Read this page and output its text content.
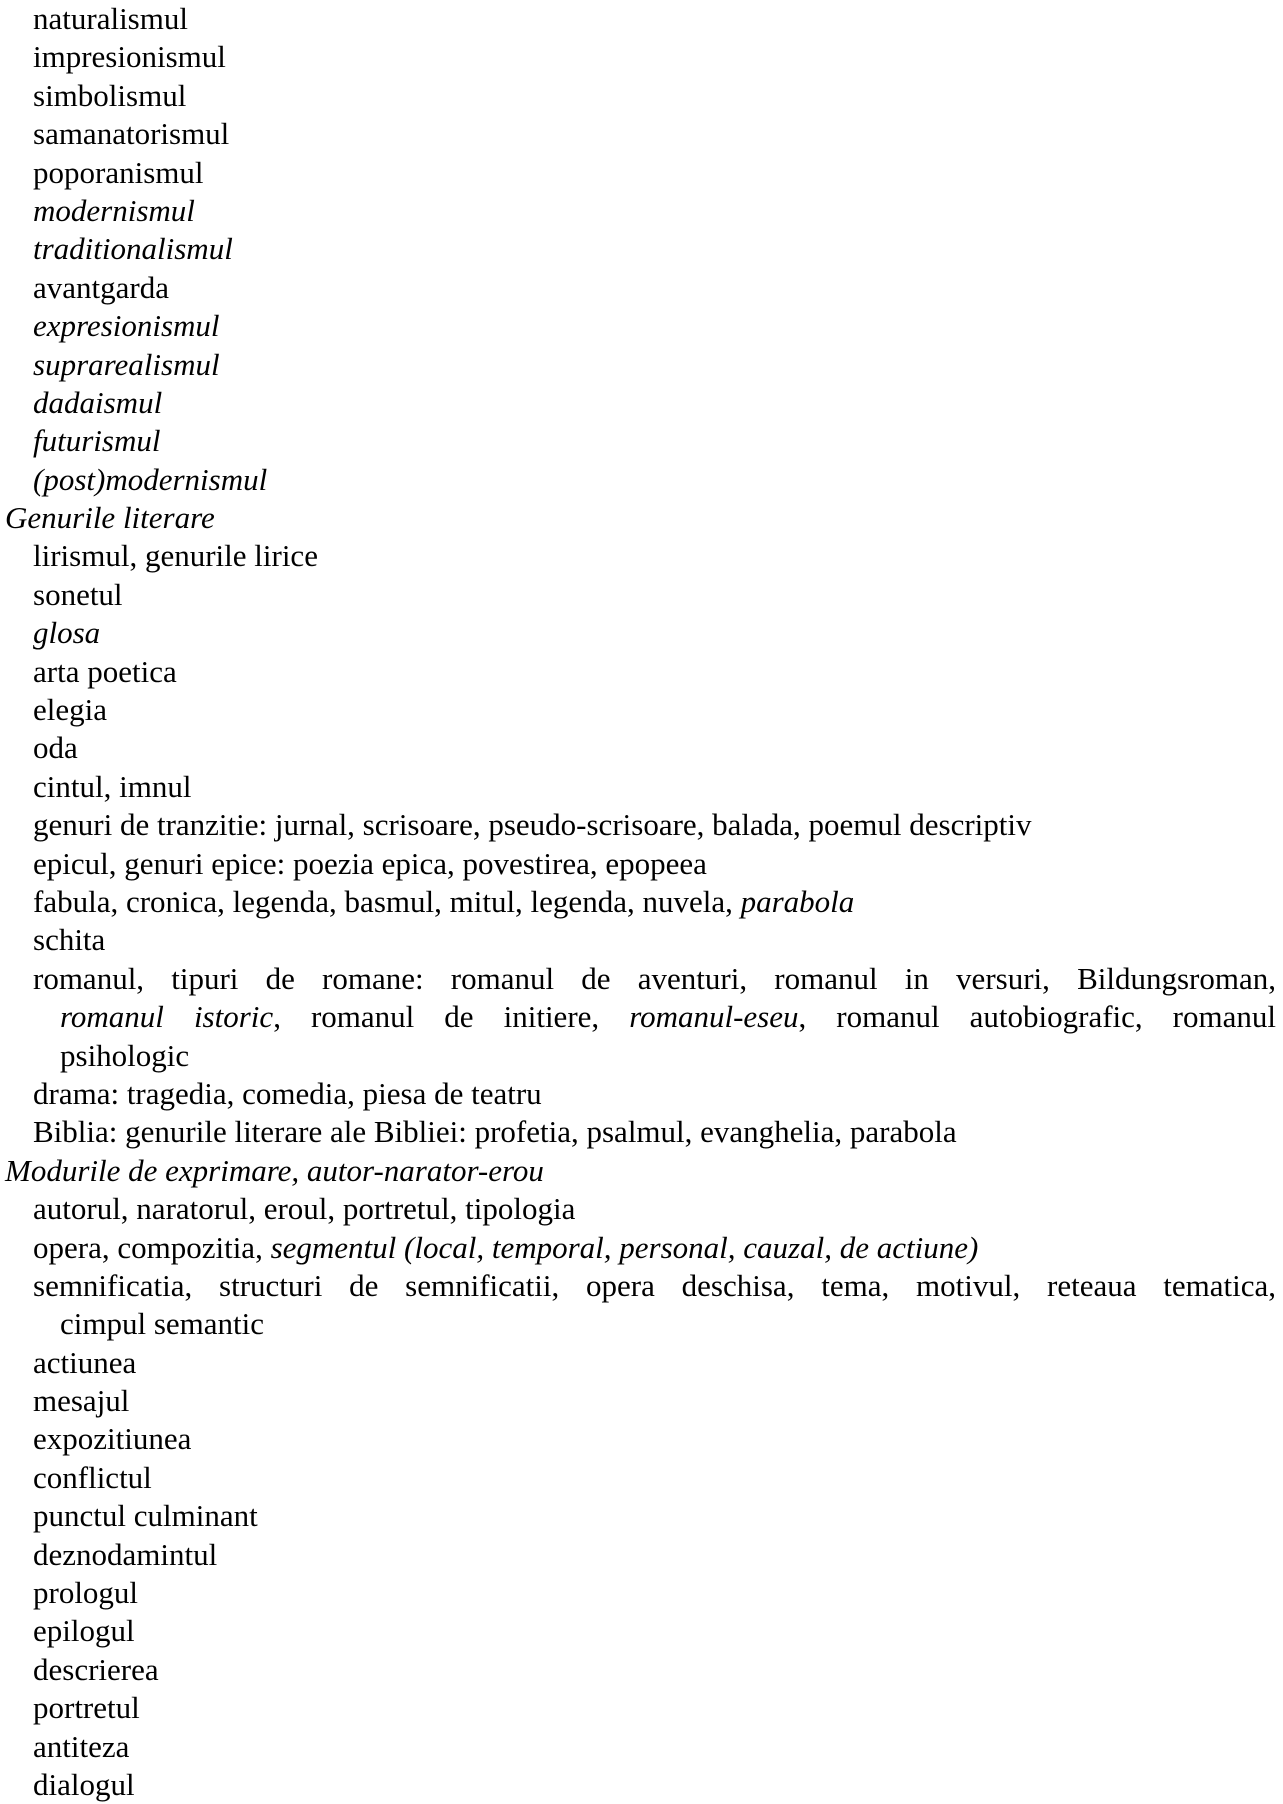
naturalismul
impresionismul
simbolismul
samanatorismul
poporanismul
modernismul
traditionalismul
avantgarda
expresionismul
suprarealismul
dadaismul
futurismul
(post)modernismul
Genurile literare
lirismul, genurile lirice
sonetul
glosa
arta poetica
elegia
oda
cintul, imnul
genuri de tranzitie: jurnal, scrisoare, pseudo-scrisoare, balada, poemul descriptiv
epicul, genuri epice: poezia epica, povestirea, epopeea
fabula, cronica, legenda, basmul, mitul, legenda, nuvela, parabola
schita
romanul, tipuri de romane: romanul de aventuri, romanul in versuri, Bildungsroman,
romanul istoric, romanul de initiere, romanul-eseu, romanul autobiografic, romanul
psihologic
drama: tragedia, comedia, piesa de teatru
Biblia: genurile literare ale Bibliei: profetia, psalmul, evanghelia, parabola
Modurile de exprimare, autor-narator-erou
autorul, naratorul, eroul, portretul, tipologia
opera, compozitia, segmentul (local, temporal, personal, cauzal, de actiune)
semnificatia, structuri de semnificatii, opera deschisa, tema, motivul, reteaua tematica,
cimpul semantic
actiunea
mesajul
expozitiunea
conflictul
punctul culminant
deznodamintul
prologul
epilogul
descrierea
portretul
antiteza
dialogul
